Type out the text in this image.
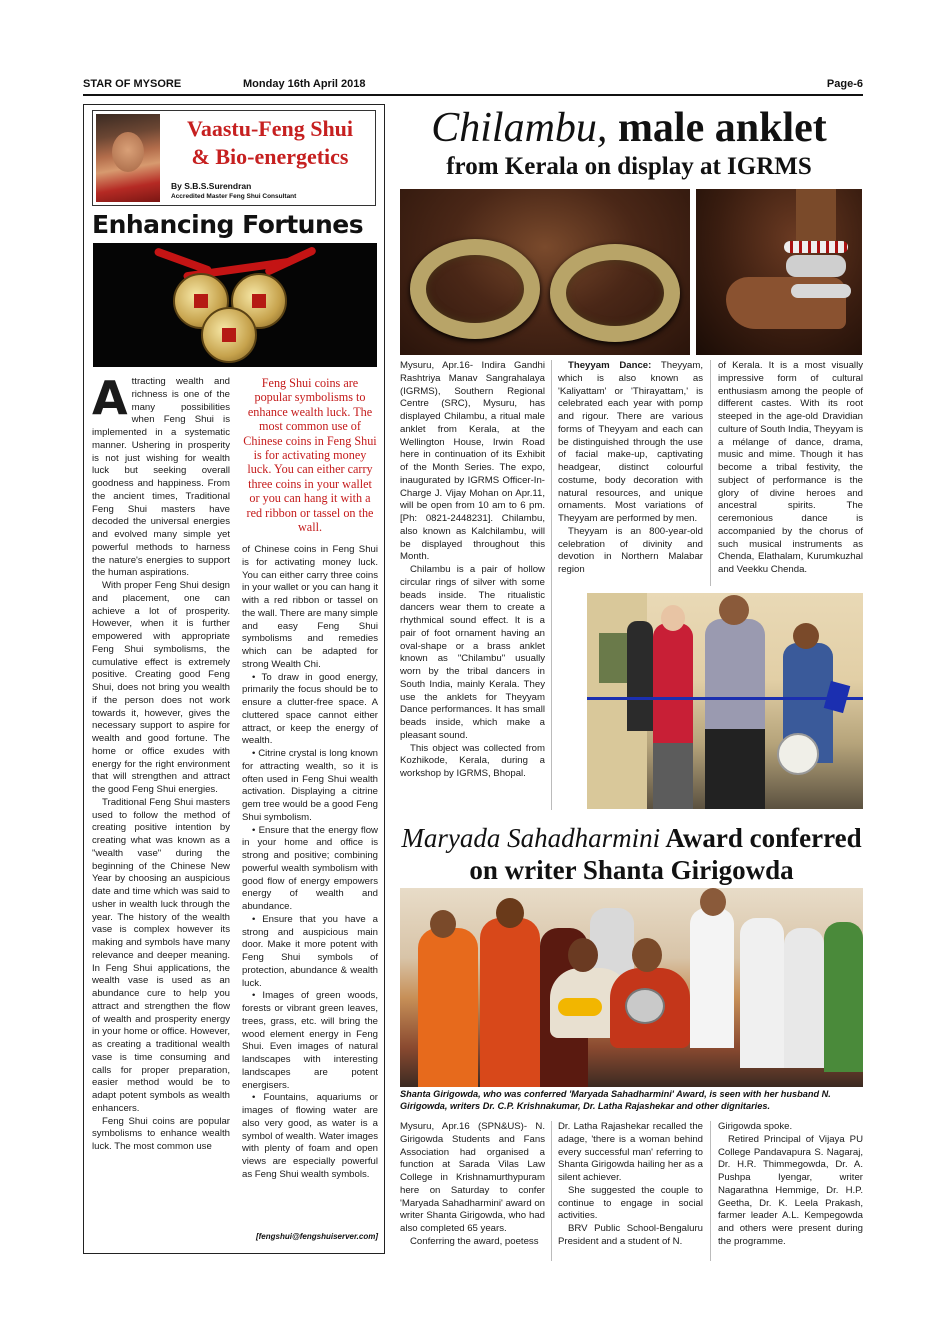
STAR OF MYSORE	Monday 16th April 2018	Page-6
Vaastu-Feng Shui
& Bio-energetics
By S.B.S.Surendran
Accredited Master Feng Shui Consultant
Enhancing Fortunes

Attracting wealth and richness is one of the many possibilities when Feng Shui is implemented in a systematic manner. Ushering in prosperity is not just wishing for wealth luck but seeking overall goodness and happiness. From the ancient times, Traditional Feng Shui masters have decoded the universal energies and evolved many simple yet powerful methods to harness the nature's energies to support the human aspirations.

With proper Feng Shui design and placement, one can achieve a lot of prosperity. However, when it is further empowered with appropriate Feng Shui symbolisms, the cumulative effect is extremely positive. Creating good Feng Shui, does not bring you wealth if the person does not work towards it, however, gives the necessary support to aspire for wealth and good fortune. The home or office exudes with energy for the right environment that will strengthen and attract the good Feng Shui energies.

Traditional Feng Shui masters used to follow the method of creating positive intention by creating what was known as a "wealth vase" during the beginning of the Chinese New Year by choosing an auspicious date and time which was said to usher in wealth luck through the year. The history of the wealth vase is complex however its making and symbols have many relevance and deeper meaning. In Feng Shui applications, the wealth vase is used as an abundance cure to help you attract and strengthen the flow of wealth and prosperity energy in your home or office. However, as creating a traditional wealth vase is time consuming and calls for proper preparation, easier method would be to adapt potent symbols as wealth enhancers.

Feng Shui coins are popular symbolisms to enhance wealth luck. The most common use

Feng Shui coins are popular symbolisms to enhance wealth luck. The most common use of Chinese coins in Feng Shui is for activating money luck. You can either carry three coins in your wallet or you can hang it with a red ribbon or tassel on the wall.

of Chinese coins in Feng Shui is for activating money luck. You can either carry three coins in your wallet or you can hang it with a red ribbon or tassel on the wall. There are many simple and easy Feng Shui symbolisms and remedies which can be adapted for strong Wealth Chi.

• To draw in good energy, primarily the focus should be to ensure a clutter-free space. A cluttered space cannot either attract, or keep the energy of wealth.

• Citrine crystal is long known for attracting wealth, so it is often used in Feng Shui wealth activation. Displaying a citrine gem tree would be a good Feng Shui symbolism.

• Ensure that the energy flow in your home and office is strong and positive; combining powerful wealth symbolism with good flow of energy empowers energy of wealth and abundance.

• Ensure that you have a strong and auspicious main door. Make it more potent with Feng Shui symbols of protection, abundance & wealth luck.

• Images of green woods, forests or vibrant green leaves, trees, grass, etc. will bring the wood element energy in Feng Shui. Even images of natural landscapes with interesting landscapes are potent energisers.

• Fountains, aquariums or images of flowing water are also very good, as water is a symbol of wealth. Water images with plenty of foam and open views are especially powerful as Feng Shui wealth symbols.

[fengshui@fengshuiserver.com]
Chilambu, male anklet
from Kerala on display at IGRMS

Mysuru, Apr.16- Indira Gandhi Rashtriya Manav Sangrahalaya (IGRMS), Southern Regional Centre (SRC), Mysuru, has displayed Chilambu, a ritual male anklet from Kerala, at the Wellington House, Irwin Road here in continuation of its Exhibit of the Month Series. The expo, inaugurated by IGRMS Officer-In-Charge J. Vijay Mohan on Apr.11, will be open from 10 am to 6 pm. [Ph: 0821-2448231]. Chilambu, also known as Kalchilambu, will be displayed throughout this Month.

Chilambu is a pair of hollow circular rings of silver with some beads inside. The ritualistic dancers wear them to create a rhythmical sound effect. It is a pair of foot ornament having an oval-shape or a brass anklet known as "Chilambu" usually worn by the tribal dancers in South India, mainly Kerala. They use the anklets for Theyyam Dance performances. It has small beads inside, which make a pleasant sound.

This object was collected from Kozhikode, Kerala, during a workshop by IGRMS, Bhopal.

Theyyam Dance: Theyyam, which is also known as 'Kaliyattam' or 'Thirayattam,' is celebrated each year with pomp and rigour. There are various forms of Theyyam and each can be distinguished through the use of facial make-up, captivating headgear, distinct colourful costume, body decoration with natural resources, and unique ornaments. Most variations of Theyyam are performed by men.

Theyyam is an 800-year-old celebration of divinity and devotion in Northern Malabar region

of Kerala. It is a most visually impressive form of cultural enthusiasm among the people of different castes. With its root steeped in the age-old Dravidian culture of South India, Theyyam is a mélange of dance, drama, music and mime. Though it has become a tribal festivity, the subject of performance is the glory of divine heroes and ancestral spirits. The ceremonious dance is accompanied by the chorus of such musical instruments as Chenda, Elathalam, Kurumkuzhal and Veekku Chenda.

Maryada Sahadharmini Award conferred
on writer Shanta Girigowda
Shanta Girigowda, who was conferred 'Maryada Sahadharmini' Award, is seen with her husband N. Girigowda, writers Dr. C.P. Krishnakumar, Dr. Latha Rajashekar and other dignitaries.

Mysuru, Apr.16 (SPN&US)- N. Girigowda Students and Fans Association had organised a function at Sarada Vilas Law College in Krishnamurthypuram here on Saturday to confer 'Maryada Sahadharmini' award on writer Shanta Girigowda, who had also completed 65 years.

Conferring the award, poetess

Dr. Latha Rajashekar recalled the adage, 'there is a woman behind every successful man' referring to Shanta Girigowda hailing her as a silent achiever.

She suggested the couple to continue to engage in social activities.

BRV Public School-Bengaluru President and a student of N.

Girigowda spoke.

Retired Principal of Vijaya PU College Pandavapura S. Nagaraj, Dr. H.R. Thimmegowda, Dr. A. Pushpa Iyengar, writer Nagarathna Hemmige, Dr. H.P. Geetha, Dr. K. Leela Prakash, farmer leader A.L. Kempegowda and others were present during the programme.
